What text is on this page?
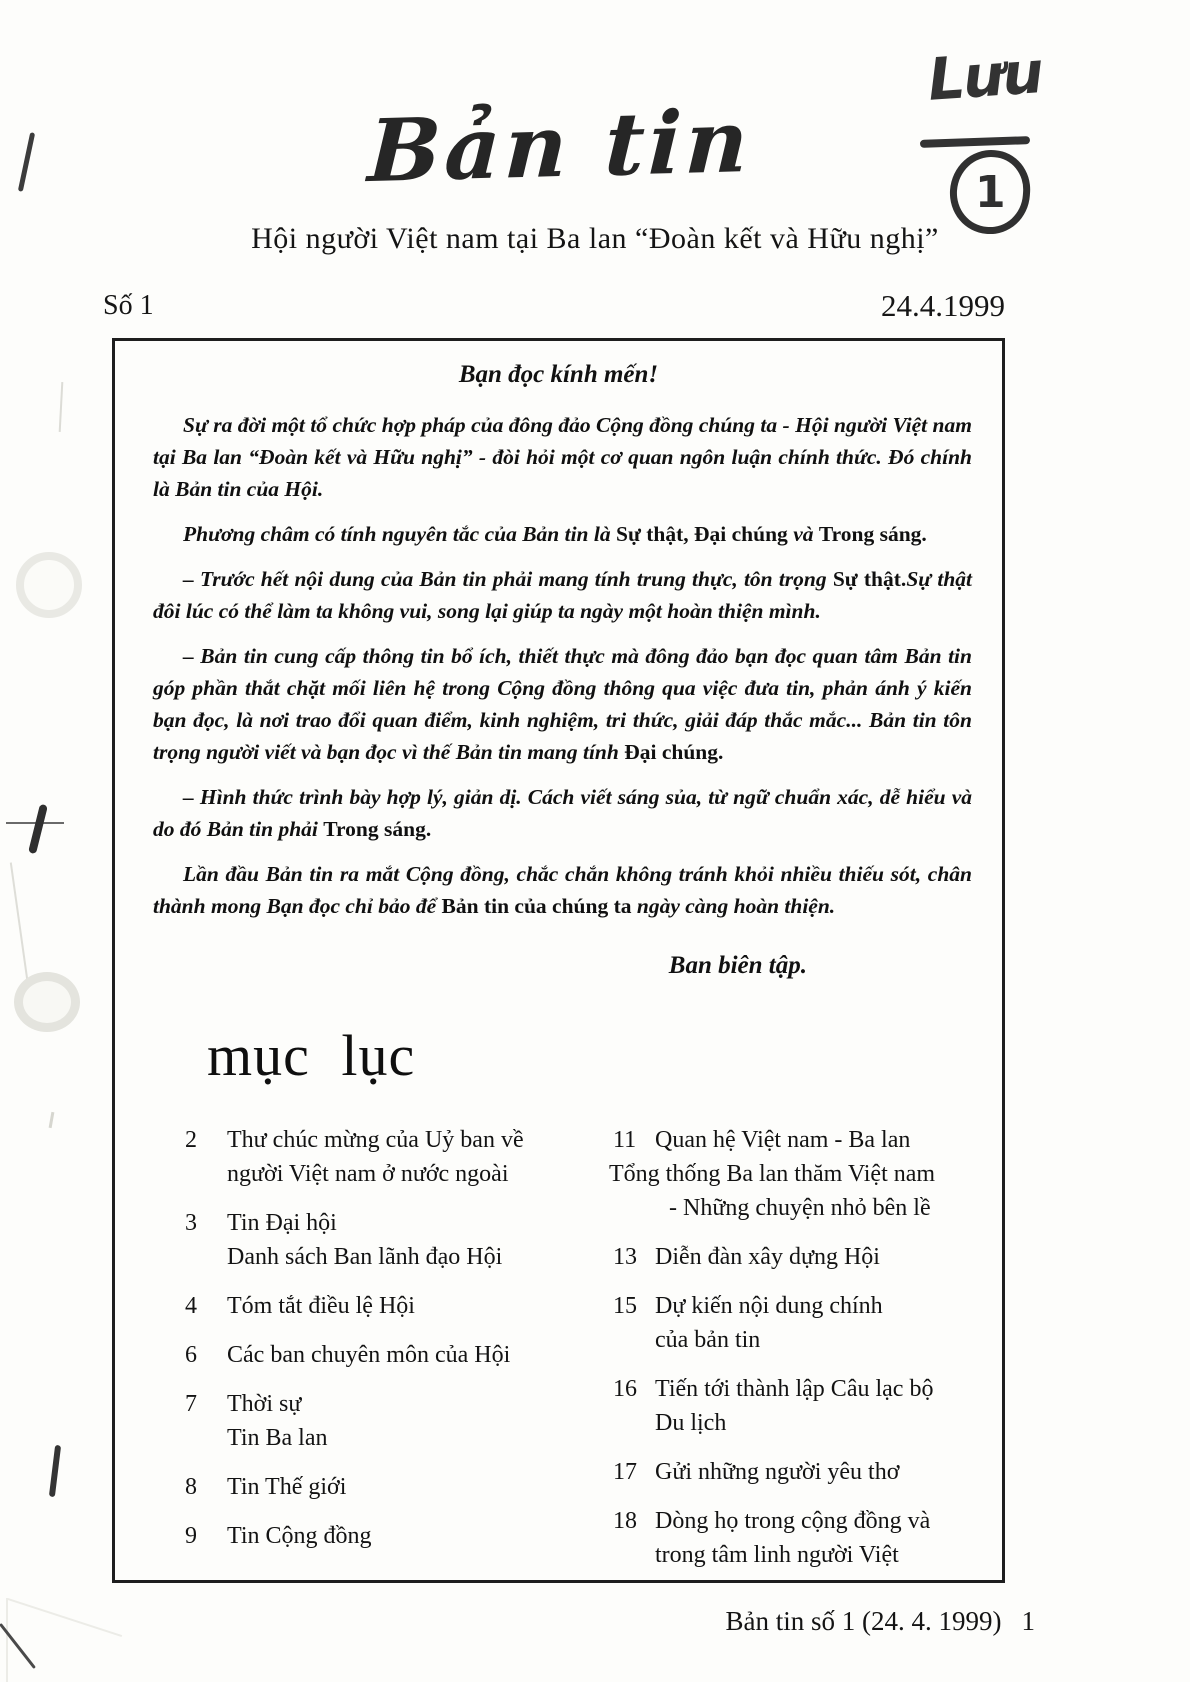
Bản tin
Lưu
1
Hội người Việt nam tại Ba lan “Đoàn kết và Hữu nghị”
Số 1	24.4.1999
Bạn đọc kính mến!

Sự ra đời một tổ chức hợp pháp của đông đảo Cộng đồng chúng ta - Hội người Việt nam tại Ba lan “Đoàn kết và Hữu nghị” - đòi hỏi một cơ quan ngôn luận chính thức. Đó chính là Bản tin của Hội.

Phương châm có tính nguyên tắc của Bản tin là Sự thật, Đại chúng và Trong sáng.

– Trước hết nội dung của Bản tin phải mang tính trung thực, tôn trọng Sự thật.Sự thật đôi lúc có thể làm ta không vui, song lại giúp ta ngày một hoàn thiện mình.

– Bản tin cung cấp thông tin bổ ích, thiết thực mà đông đảo bạn đọc quan tâm Bản tin góp phần thắt chặt mối liên hệ trong Cộng đồng thông qua việc đưa tin, phản ánh ý kiến bạn đọc, là nơi trao đổi quan điểm, kinh nghiệm, tri thức, giải đáp thắc mắc... Bản tin tôn trọng người viết và bạn đọc vì thế Bản tin mang tính Đại chúng.

– Hình thức trình bày hợp lý, giản dị. Cách viết sáng sủa, từ ngữ chuẩn xác, dễ hiểu và do đó Bản tin phải Trong sáng.

Lần đầu Bản tin ra mắt Cộng đồng, chắc chắn không tránh khỏi nhiều thiếu sót, chân thành mong Bạn đọc chỉ bảo để Bản tin của chúng ta ngày càng hoàn thiện.

Ban biên tập.
mục lục
2	Thư chúc mừng của Uỷ ban về
người Việt nam ở nước ngoài
3	Tin Đại hội
Danh sách Ban lãnh đạo Hội
4	Tóm tắt điều lệ Hội
6	Các ban chuyên môn của Hội
7	Thời sự
Tin Ba lan
8	Tin Thế giới
9	Tin Cộng đồng
11 Quan hệ Việt nam - Ba lan
Tổng thống Ba lan thăm Việt nam
- Những chuyện nhỏ bên lề
13 Diễn đàn xây dựng Hội
15 Dự kiến nội dung chính
của bản tin
16 Tiến tới thành lập Câu lạc bộ
Du lịch
17 Gửi những người yêu thơ
18 Dòng họ trong cộng đồng và
trong tâm linh người Việt
Bản tin số 1 (24. 4. 1999) 1
